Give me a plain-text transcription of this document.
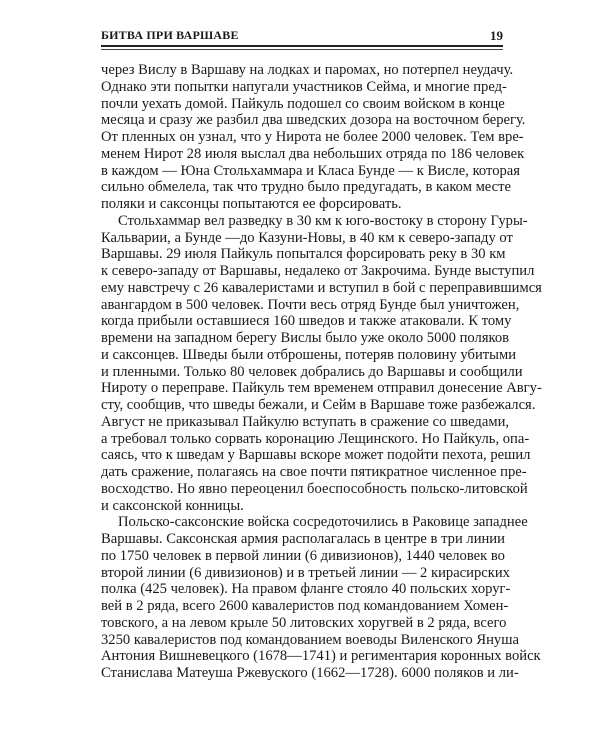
БИТВА ПРИ ВАРШАВЕ	19
через Вислу в Варшаву на лодках и паромах, но потерпел неудачу.
Однако эти попытки напугали участников Сейма, и многие пред-
почли уехать домой. Пайкуль подошел со своим войском в конце
месяца и сразу же разбил два шведских дозора на восточном берегу.
От пленных он узнал, что у Нирота не более 2000 человек. Тем вре-
менем Нирот 28 июля выслал два небольших отряда по 186 человек
в каждом — Юна Стольхаммара и Класа Бунде — к Висле, которая
сильно обмелела, так что трудно было предугадать, в каком месте
поляки и саксонцы попытаются ее форсировать.
Стольхаммар вел разведку в 30 км к юго-востоку в сторону Гуры-
Кальварии, а Бунде —до Казуни-Новы, в 40 км к северо-западу от
Варшавы. 29 июля Пайкуль попытался форсировать реку в 30 км
к северо-западу от Варшавы, недалеко от Закрочима. Бунде выступил
ему навстречу с 26 кавалеристами и вступил в бой с переправившимся
авангардом в 500 человек. Почти весь отряд Бунде был уничтожен,
когда прибыли оставшиеся 160 шведов и также атаковали. К тому
времени на западном берегу Вислы было уже около 5000 поляков
и саксонцев. Шведы были отброшены, потеряв половину убитыми
и пленными. Только 80 человек добрались до Варшавы и сообщили
Нироту о переправе. Пайкуль тем временем отправил донесение Авгу-
сту, сообщив, что шведы бежали, и Сейм в Варшаве тоже разбежался.
Август не приказывал Пайкулю вступать в сражение со шведами,
а требовал только сорвать коронацию Лещинского. Но Пайкуль, опа-
саясь, что к шведам у Варшавы вскоре может подойти пехота, решил
дать сражение, полагаясь на свое почти пятикратное численное пре-
восходство. Но явно переоценил боеспособность польско-литовской
и саксонской конницы.
Польско-саксонские войска сосредоточились в Раковице западнее
Варшавы. Саксонская армия располагалась в центре в три линии
по 1750 человек в первой линии (6 дивизионов), 1440 человек во
второй линии (6 дивизионов) и в третьей линии — 2 кирасирских
полка (425 человек). На правом фланге стояло 40 польских хоруг-
вей в 2 ряда, всего 2600 кавалеристов под командованием Хомен-
товского, а на левом крыле 50 литовских хоругвей в 2 ряда, всего
3250 кавалеристов под командованием воеводы Виленского Януша
Антония Вишневецкого (1678—1741) и региментария коронных войск
Станислава Матеуша Ржевуского (1662—1728). 6000 поляков и ли-
